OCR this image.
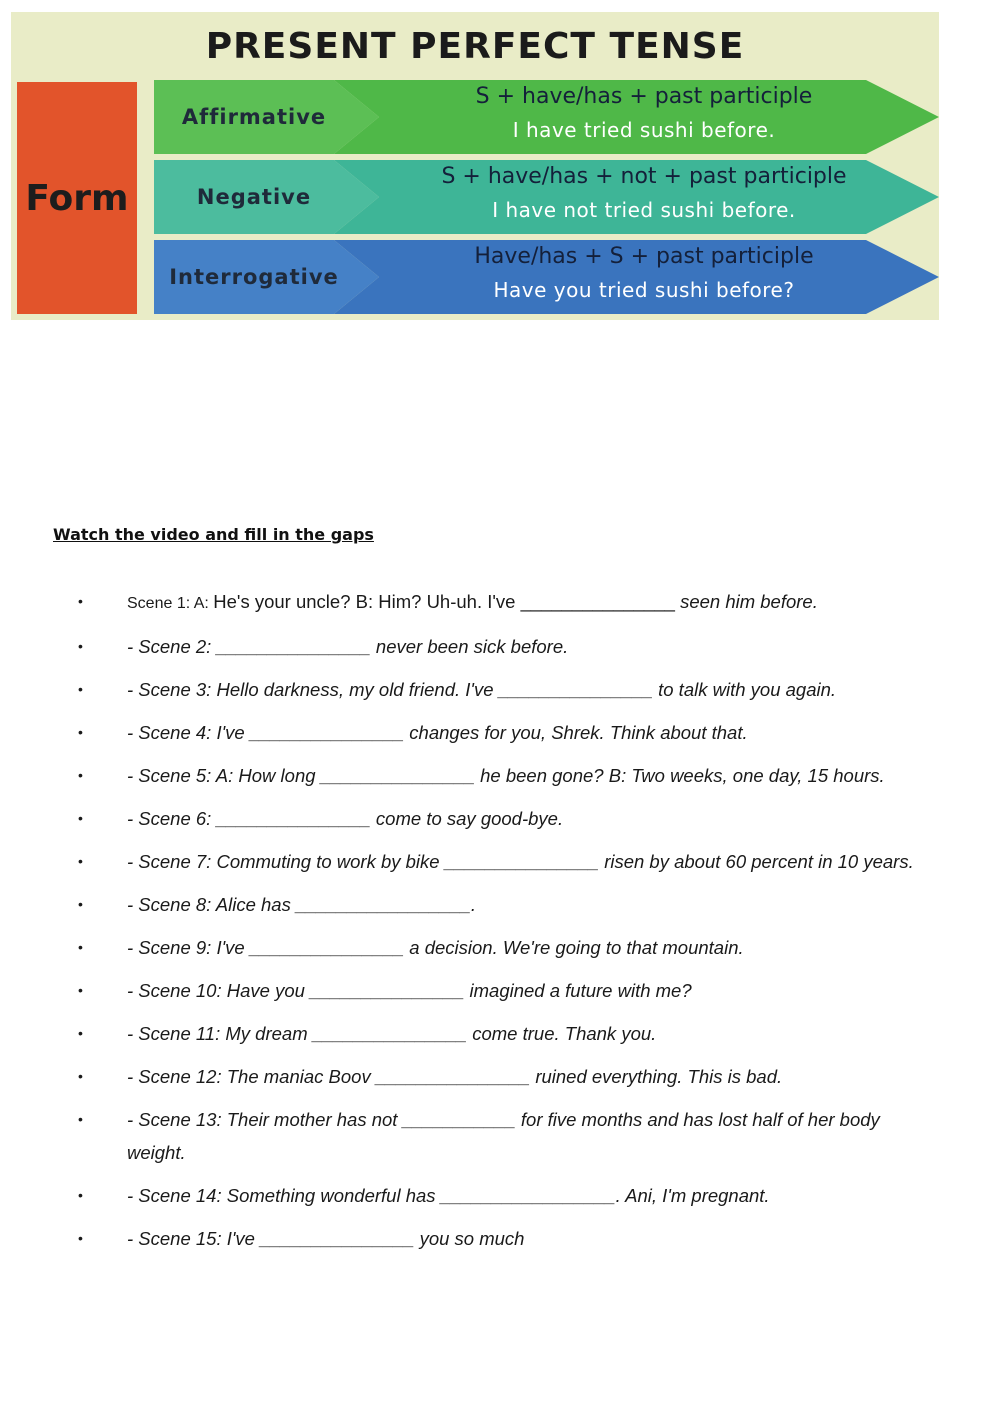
PRESENT PERFECT TENSE
Form
Affirmative
S + have/has + past participle
I have tried sushi before.
Negative
S + have/has + not + past participle
I have not tried sushi before.
Interrogative
Have/has + S + past participle
Have you tried sushi before?
Watch the video and fill in the gaps
•	Scene 1: A: He's your uncle? B: Him? Uh-uh. I've _______________ seen him before.
• - Scene 2: _______________ never been sick before.
• - Scene 3: Hello darkness, my old friend. I've _______________ to talk with you again.
• - Scene 4: I've _______________ changes for you, Shrek. Think about that.
• - Scene 5: A: How long _______________ he been gone? B: Two weeks, one day, 15 hours.
• - Scene 6: _______________ come to say good-bye.
• - Scene 7: Commuting to work by bike _______________ risen by about 60 percent in 10 years.
• - Scene 8: Alice has _________________.
• - Scene 9: I've _______________ a decision. We're going to that mountain.
• - Scene 10: Have you _______________ imagined a future with me?
• - Scene 11: My dream _______________ come true. Thank you.
• - Scene 12: The maniac Boov _______________ ruined everything. This is bad.
• - Scene 13: Their mother has not ___________ for five months and has lost half of her body weight.
• - Scene 14: Something wonderful has _________________. Ani, I'm pregnant.
• - Scene 15: I've _______________ you so much
